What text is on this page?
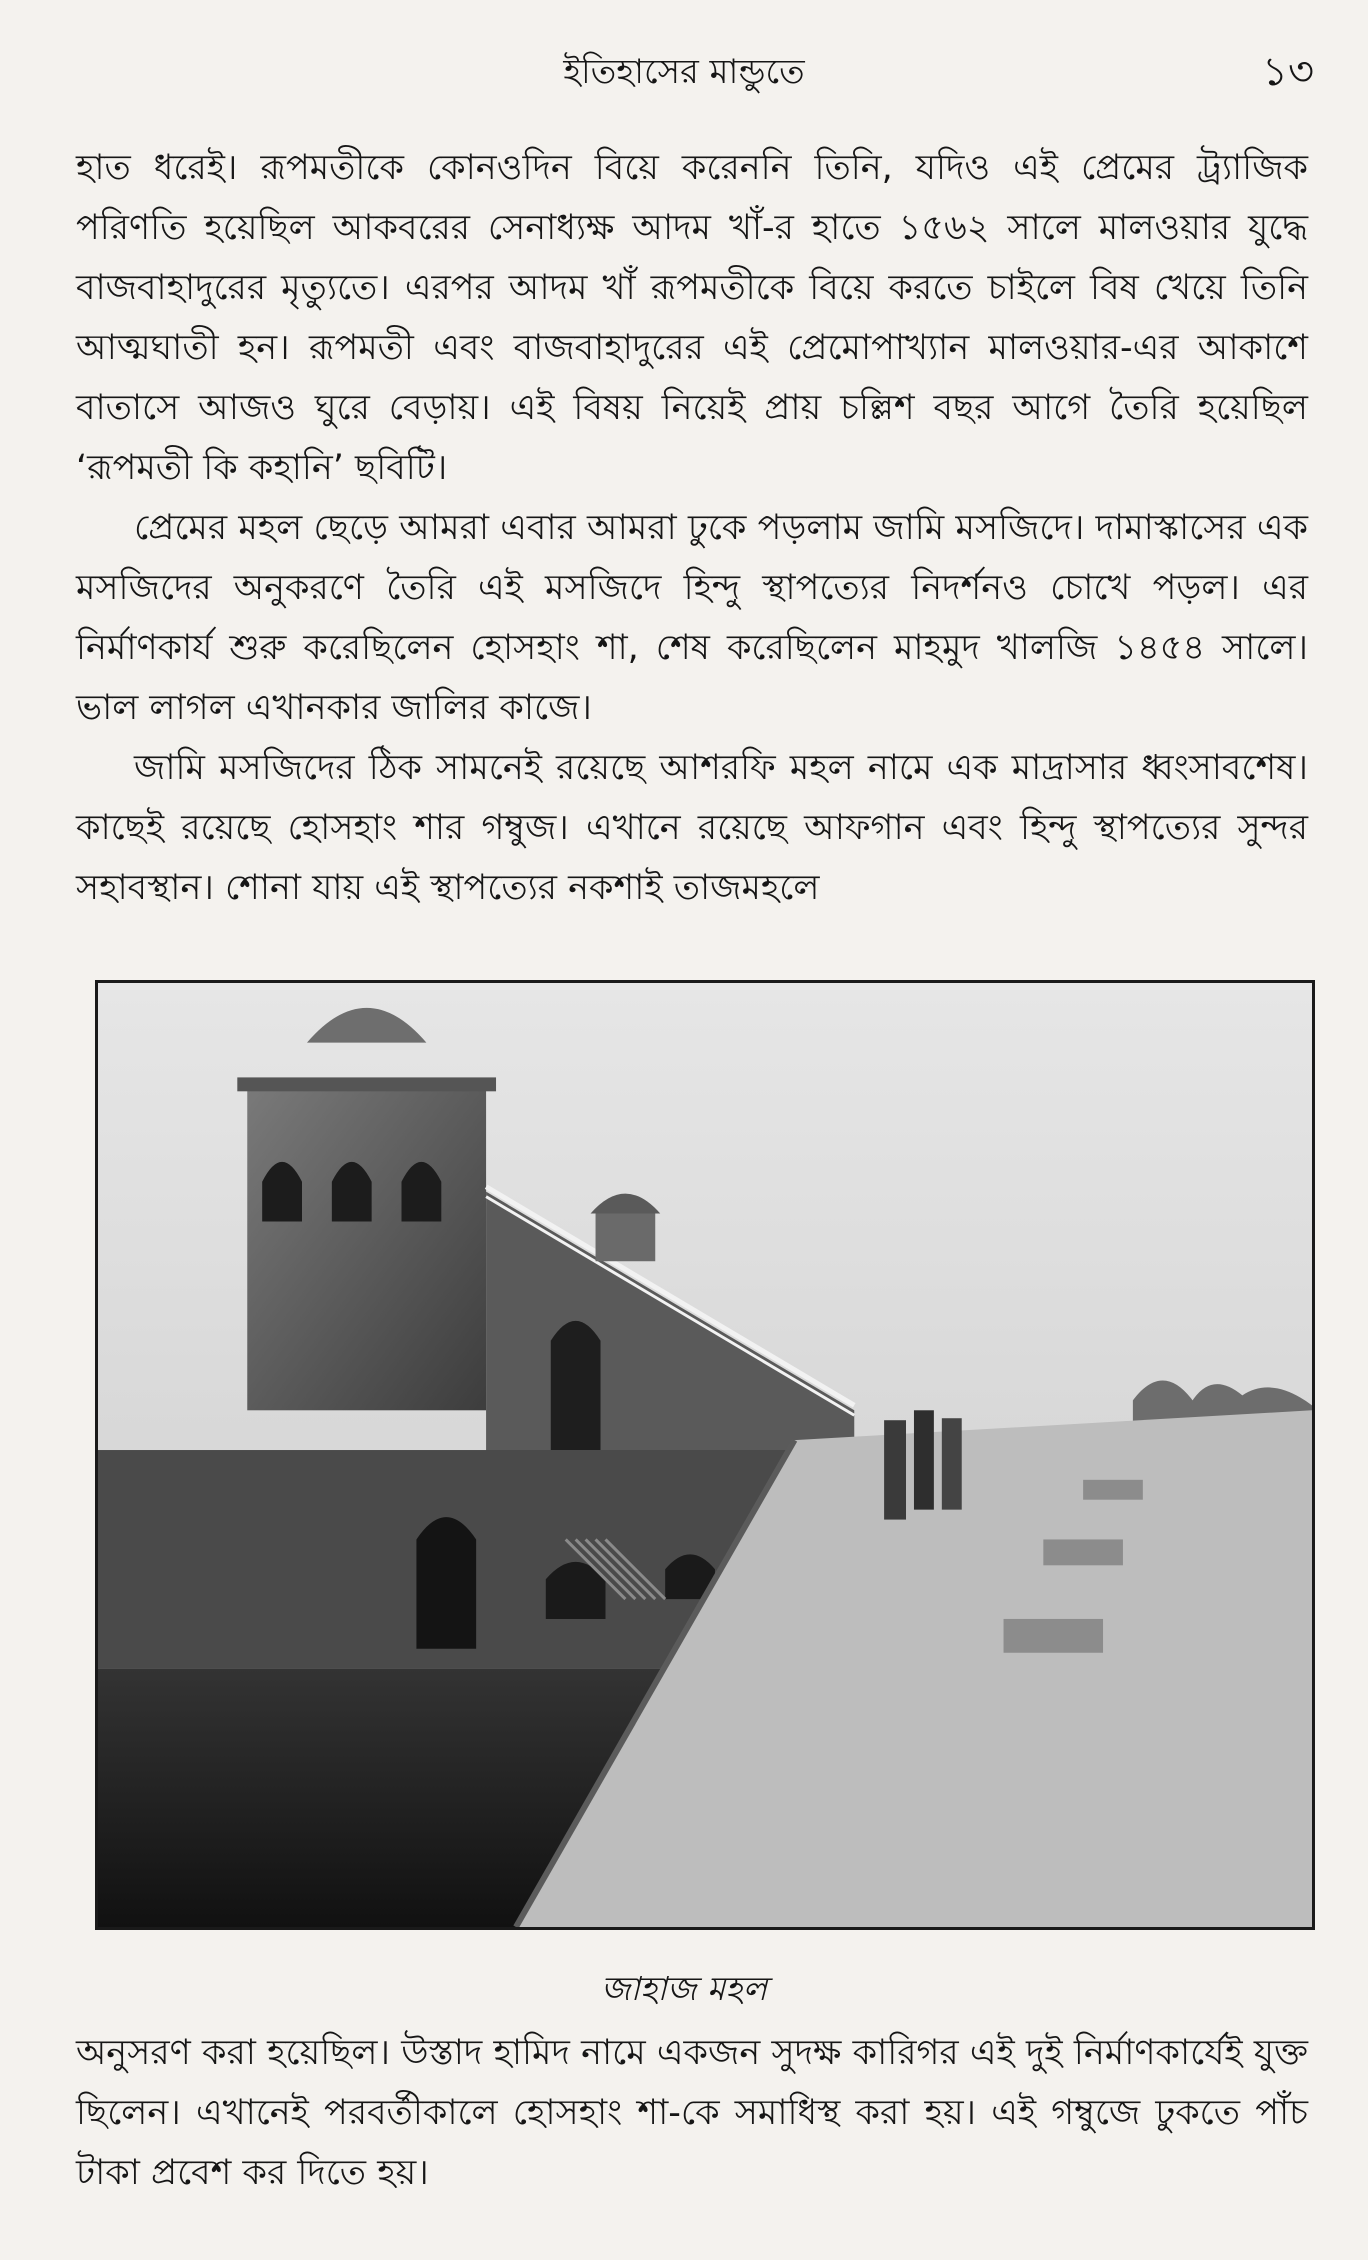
ইতিহাসের মান্ডুতে	১৩

হাত ধরেই। রূপমতীকে কোনওদিন বিয়ে করেননি তিনি, যদিও এই প্রেমের ট্র্যাজিক পরিণতি হয়েছিল আকবরের সেনাধ্যক্ষ আদম খাঁ-র হাতে ১৫৬২ সালে মালওয়ার যুদ্ধে বাজবাহাদুরের মৃত্যুতে। এরপর আদম খাঁ রূপমতীকে বিয়ে করতে চাইলে বিষ খেয়ে তিনি আত্মঘাতী হন। রূপমতী এবং বাজবাহাদুরের এই প্রেমোপাখ্যান মালওয়ার-এর আকাশে বাতাসে আজও ঘুরে বেড়ায়। এই বিষয় নিয়েই প্রায় চল্লিশ বছর আগে তৈরি হয়েছিল ‘রূপমতী কি কহানি’ ছবিটি।

প্রেমের মহল ছেড়ে আমরা এবার আমরা ঢুকে পড়লাম জামি মসজিদে। দামাস্কাসের এক মসজিদের অনুকরণে তৈরি এই মসজিদে হিন্দু স্থাপত্যের নিদর্শনও চোখে পড়ল। এর নির্মাণকার্য শুরু করেছিলেন হোসহাং শা, শেষ করেছিলেন মাহমুদ খালজি ১৪৫৪ সালে। ভাল লাগল এখানকার জালির কাজে।

জামি মসজিদের ঠিক সামনেই রয়েছে আশরফি মহল নামে এক মাদ্রাসার ধ্বংসাবশেষ। কাছেই রয়েছে হোসহাং শার গম্বুজ। এখানে রয়েছে আফগান এবং হিন্দু স্থাপত্যের সুন্দর সহাবস্থান। শোনা যায় এই স্থাপত্যের নকশাই তাজমহলে

জাহাজ মহল

অনুসরণ করা হয়েছিল। উস্তাদ হামিদ নামে একজন সুদক্ষ কারিগর এই দুই নির্মাণকার্যেই যুক্ত ছিলেন। এখানেই পরবর্তীকালে হোসহাং শা-কে সমাধিস্থ করা হয়। এই গম্বুজে ঢুকতে পাঁচ টাকা প্রবেশ কর দিতে হয়।
